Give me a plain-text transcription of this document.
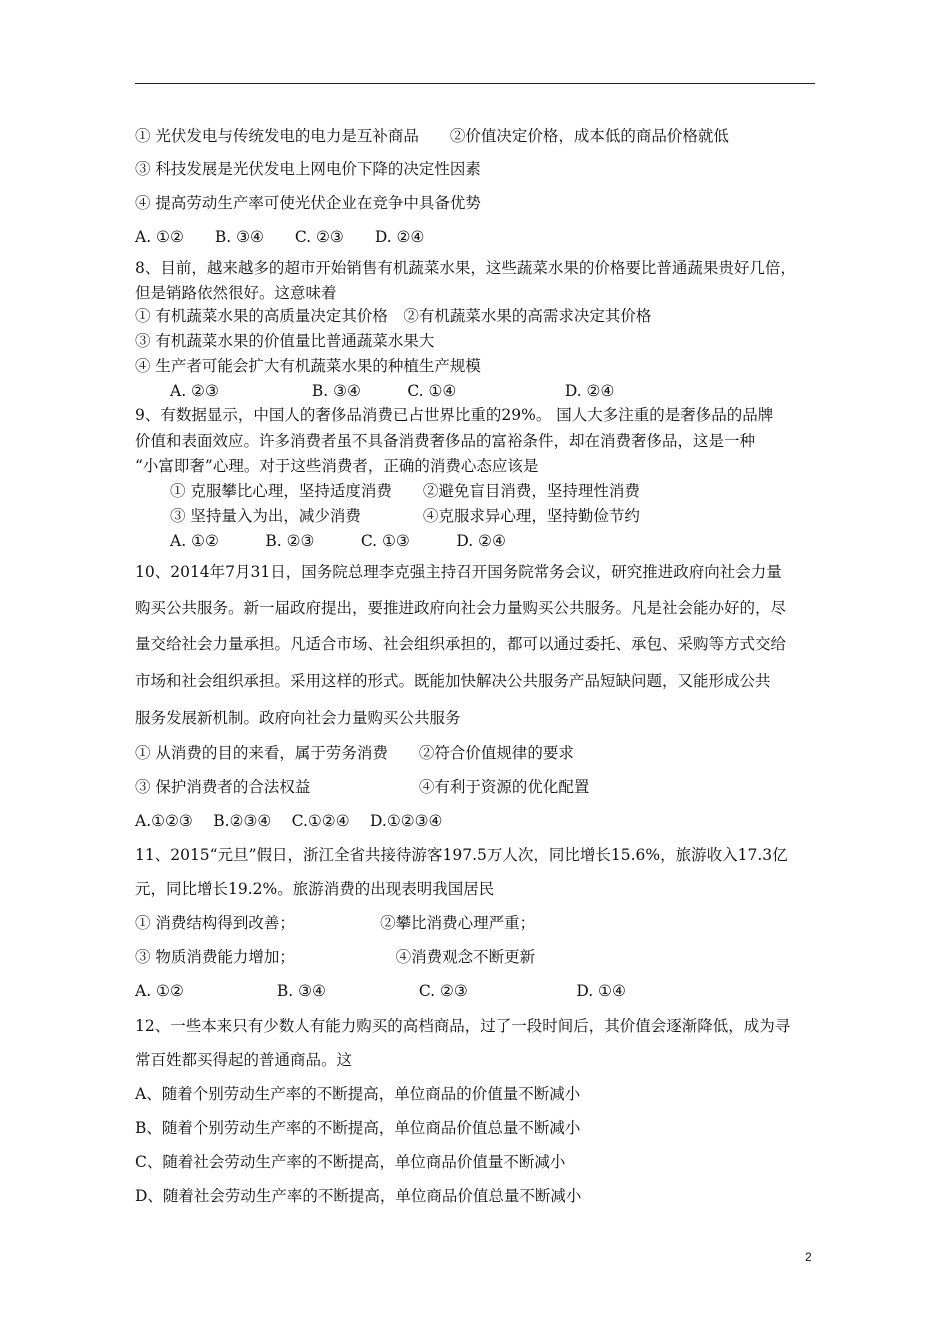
① 光伏发电与传统发电的电力是互补商品　　②价值决定价格，成本低的商品价格就低
③ 科技发展是光伏发电上网电价下降的决定性因素
④ 提高劳动生产率可使光伏企业在竞争中具备优势
A. ①②　　B. ③④　　C. ②③　　D. ②④
8、目前，越来越多的超市开始销售有机蔬菜水果，这些蔬菜水果的价格要比普通蔬果贵好几倍，
但是销路依然很好。这意味着
① 有机蔬菜水果的高质量决定其价格　②有机蔬菜水果的高需求决定其价格
③ 有机蔬菜水果的价值量比普通蔬菜水果大
④ 生产者可能会扩大有机蔬菜水果的种植生产规模
A. ②③　　　　　　B. ③④　　　C. ①④　　　　　　　D. ②④
9、有数据显示，中国人的奢侈品消费已占世界比重的29%。 国人大多注重的是奢侈品的品牌
价值和表面效应。许多消费者虽不具备消费奢侈品的富裕条件，却在消费奢侈品，这是一种
“小富即奢”心理。对于这些消费者，正确的消费心态应该是
① 克服攀比心理，坚持适度消费　　②避免盲目消费，坚持理性消费
③ 坚持量入为出，减少消费　　　　④克服求异心理，坚持勤俭节约
A. ①②　　　B. ②③　　　C. ①③　　　D. ②④
10、2014年7月31日，国务院总理李克强主持召开国务院常务会议，研究推进政府向社会力量
购买公共服务。新一届政府提出，要推进政府向社会力量购买公共服务。凡是社会能办好的，尽
量交给社会力量承担。凡适合市场、社会组织承担的，都可以通过委托、承包、采购等方式交给
市场和社会组织承担。采用这样的形式。既能加快解决公共服务产品短缺问题，又能形成公共
服务发展新机制。政府向社会力量购买公共服务
① 从消费的目的来看，属于劳务消费　　②符合价值规律的要求
③ 保护消费者的合法权益　　　　　　　④有利于资源的优化配置
A.①②③　 B.②③④　 C.①②④　 D.①②③④
11、2015“元旦”假日，浙江全省共接待游客197.5万人次，同比增长15.6%，旅游收入17.3亿
元，同比增长19.2%。旅游消费的出现表明我国居民
① 消费结构得到改善；　　　　　　②攀比消费心理严重；
③ 物质消费能力增加；　　　　　　　④消费观念不断更新
A. ①②　　　　　　B. ③④　　　　　　C. ②③　　　　　　　D. ①④
12、一些本来只有少数人有能力购买的高档商品，过了一段时间后，其价值会逐渐降低，成为寻
常百姓都买得起的普通商品。这
A、随着个别劳动生产率的不断提高，单位商品的价值量不断减小
B、随着个别劳动生产率的不断提高，单位商品价值总量不断减小
C、随着社会劳动生产率的不断提高，单位商品价值量不断减小
D、随着社会劳动生产率的不断提高，单位商品价值总量不断减小
2
